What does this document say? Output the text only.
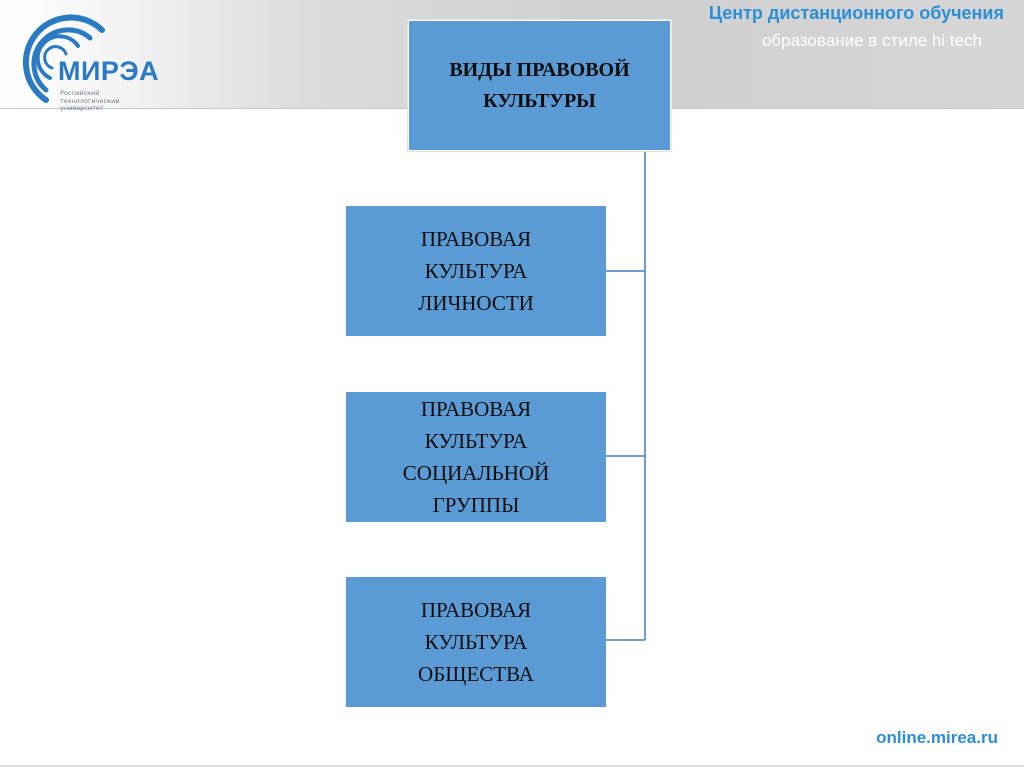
МИРЭА
Российский
технологический
университет
Центр дистанционного обучения
образование в стиле hi tech
ВИДЫ ПРАВОВОЙ
КУЛЬТУРЫ
ПРАВОВАЯ
КУЛЬТУРА
ЛИЧНОСТИ
ПРАВОВАЯ
КУЛЬТУРА
СОЦИАЛЬНОЙ
ГРУППЫ
ПРАВОВАЯ
КУЛЬТУРА
ОБЩЕСТВА
online.mirea.ru
